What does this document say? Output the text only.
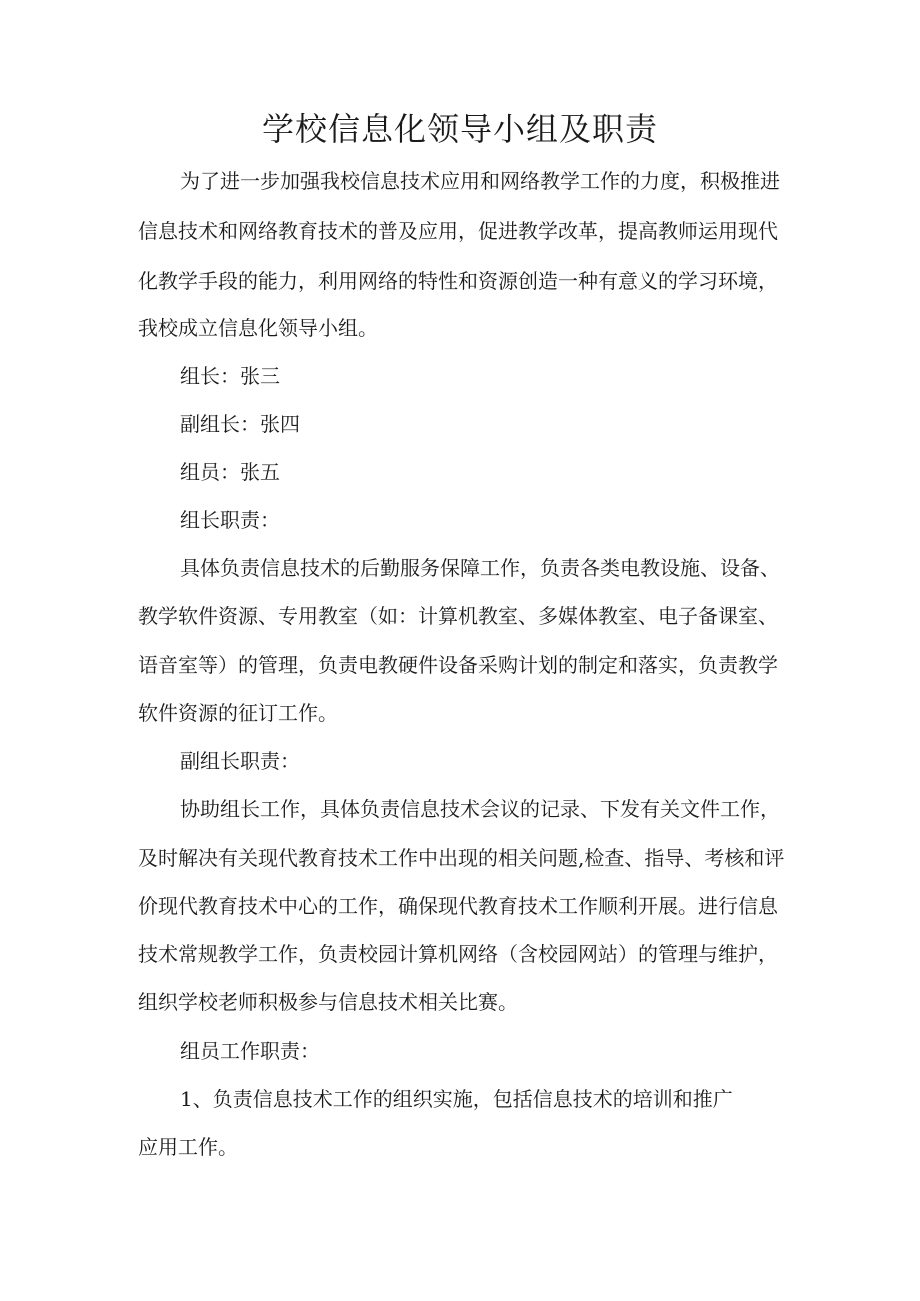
学校信息化领导小组及职责

为了进一步加强我校信息技术应用和网络教学工作的力度，积极推进

信息技术和网络教育技术的普及应用，促进教学改革，提高教师运用现代

化教学手段的能力，利用网络的特性和资源创造一种有意义的学习环境，

我校成立信息化领导小组。

组长：张三

副组长：张四

组员：张五

组长职责：

具体负责信息技术的后勤服务保障工作，负责各类电教设施、设备、

教学软件资源、专用教室（如：计算机教室、多媒体教室、电子备课室、

语音室等）的管理，负责电教硬件设备采购计划的制定和落实，负责教学

软件资源的征订工作。

副组长职责：

协助组长工作，具体负责信息技术会议的记录、下发有关文件工作，

及时解决有关现代教育技术工作中出现的相关问题,检查、指导、考核和评

价现代教育技术中心的工作，确保现代教育技术工作顺利开展。进行信息

技术常规教学工作，负责校园计算机网络（含校园网站）的管理与维护，

组织学校老师积极参与信息技术相关比赛。

组员工作职责：

1、负责信息技术工作的组织实施，包括信息技术的培训和推广

应用工作。
